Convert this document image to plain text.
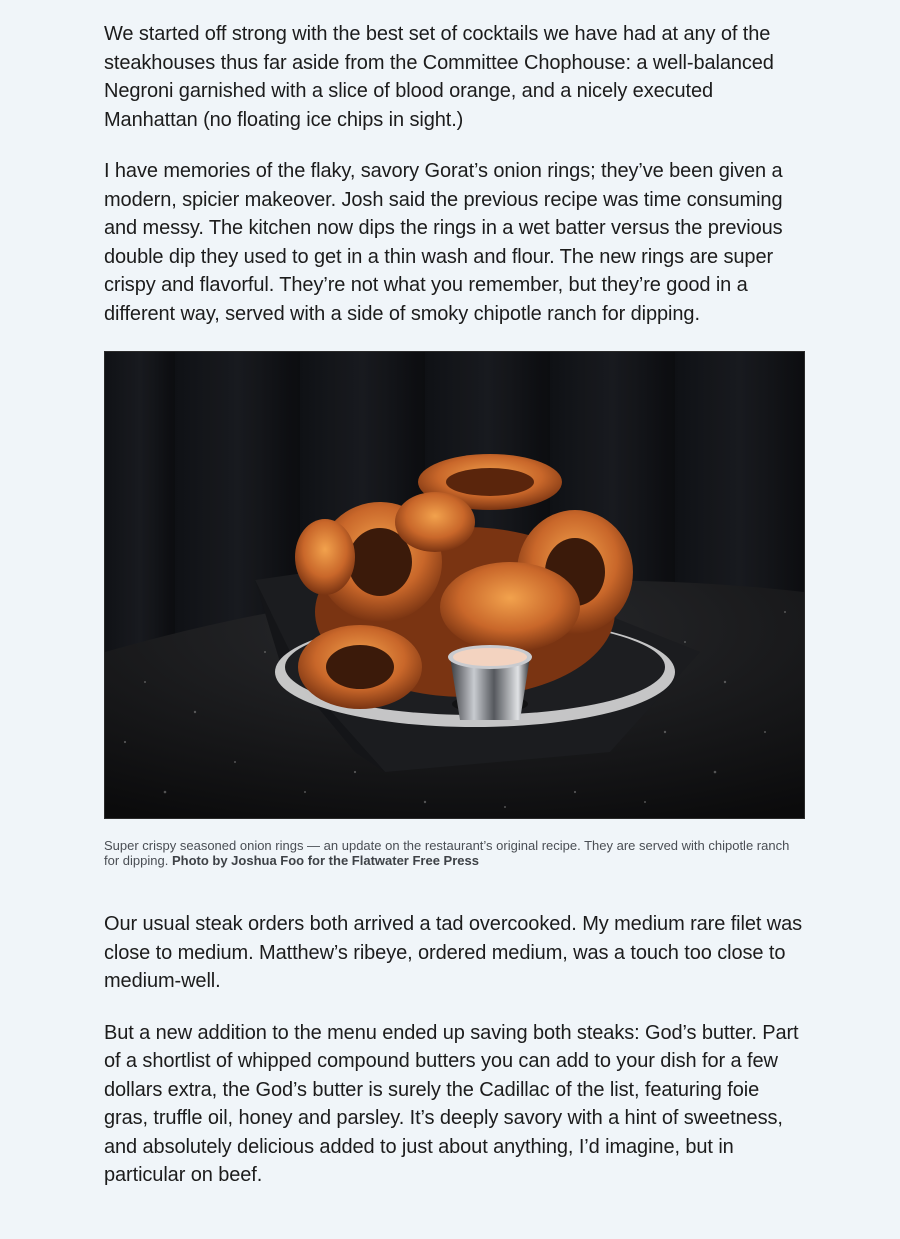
We started off strong with the best set of cocktails we have had at any of the steakhouses thus far aside from the Committee Chophouse: a well-balanced Negroni garnished with a slice of blood orange, and a nicely executed Manhattan (no floating ice chips in sight.)

I have memories of the flaky, savory Gorat’s onion rings; they’ve been given a modern, spicier makeover. Josh said the previous recipe was time consuming and messy. The kitchen now dips the rings in a wet batter versus the previous double dip they used to get in a thin wash and flour. The new rings are super crispy and flavorful. They’re not what you remember, but they’re good in a different way, served with a side of smoky chipotle ranch for dipping.

Super crispy seasoned onion rings — an update on the restaurant’s original recipe. They are served with chipotle ranch for dipping. Photo by Joshua Foo for the Flatwater Free Press

Our usual steak orders both arrived a tad overcooked. My medium rare filet was close to medium. Matthew’s ribeye, ordered medium, was a touch too close to medium-well.

But a new addition to the menu ended up saving both steaks: God’s butter. Part of a shortlist of whipped compound butters you can add to your dish for a few dollars extra, the God’s butter is surely the Cadillac of the list, featuring foie gras, truffle oil, honey and parsley. It’s deeply savory with a hint of sweetness, and absolutely delicious added to just about anything, I’d imagine, but in particular on beef.
